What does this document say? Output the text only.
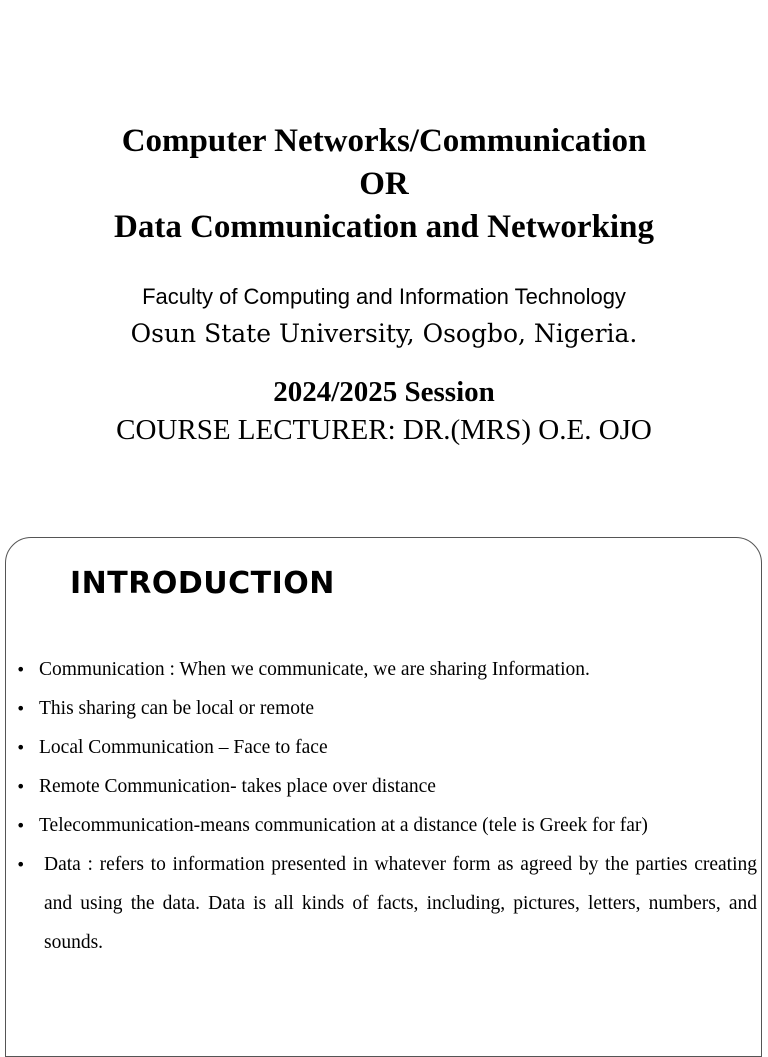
Computer Networks/Communication
OR
Data Communication and Networking
Faculty of Computing and Information Technology
Osun State University, Osogbo, Nigeria.
2024/2025 Session
COURSE LECTURER: DR.(MRS) O.E. OJO
INTRODUCTION
• Communication : When we communicate, we are sharing Information.
• This sharing can be local or remote
• Local Communication – Face to face
• Remote Communication- takes place over distance
• Telecommunication-means communication at a distance (tele is Greek for far)
• Data : refers to information presented in whatever form as agreed by the parties creating and using the data. Data is all kinds of facts, including, pictures, letters, numbers, and sounds.
